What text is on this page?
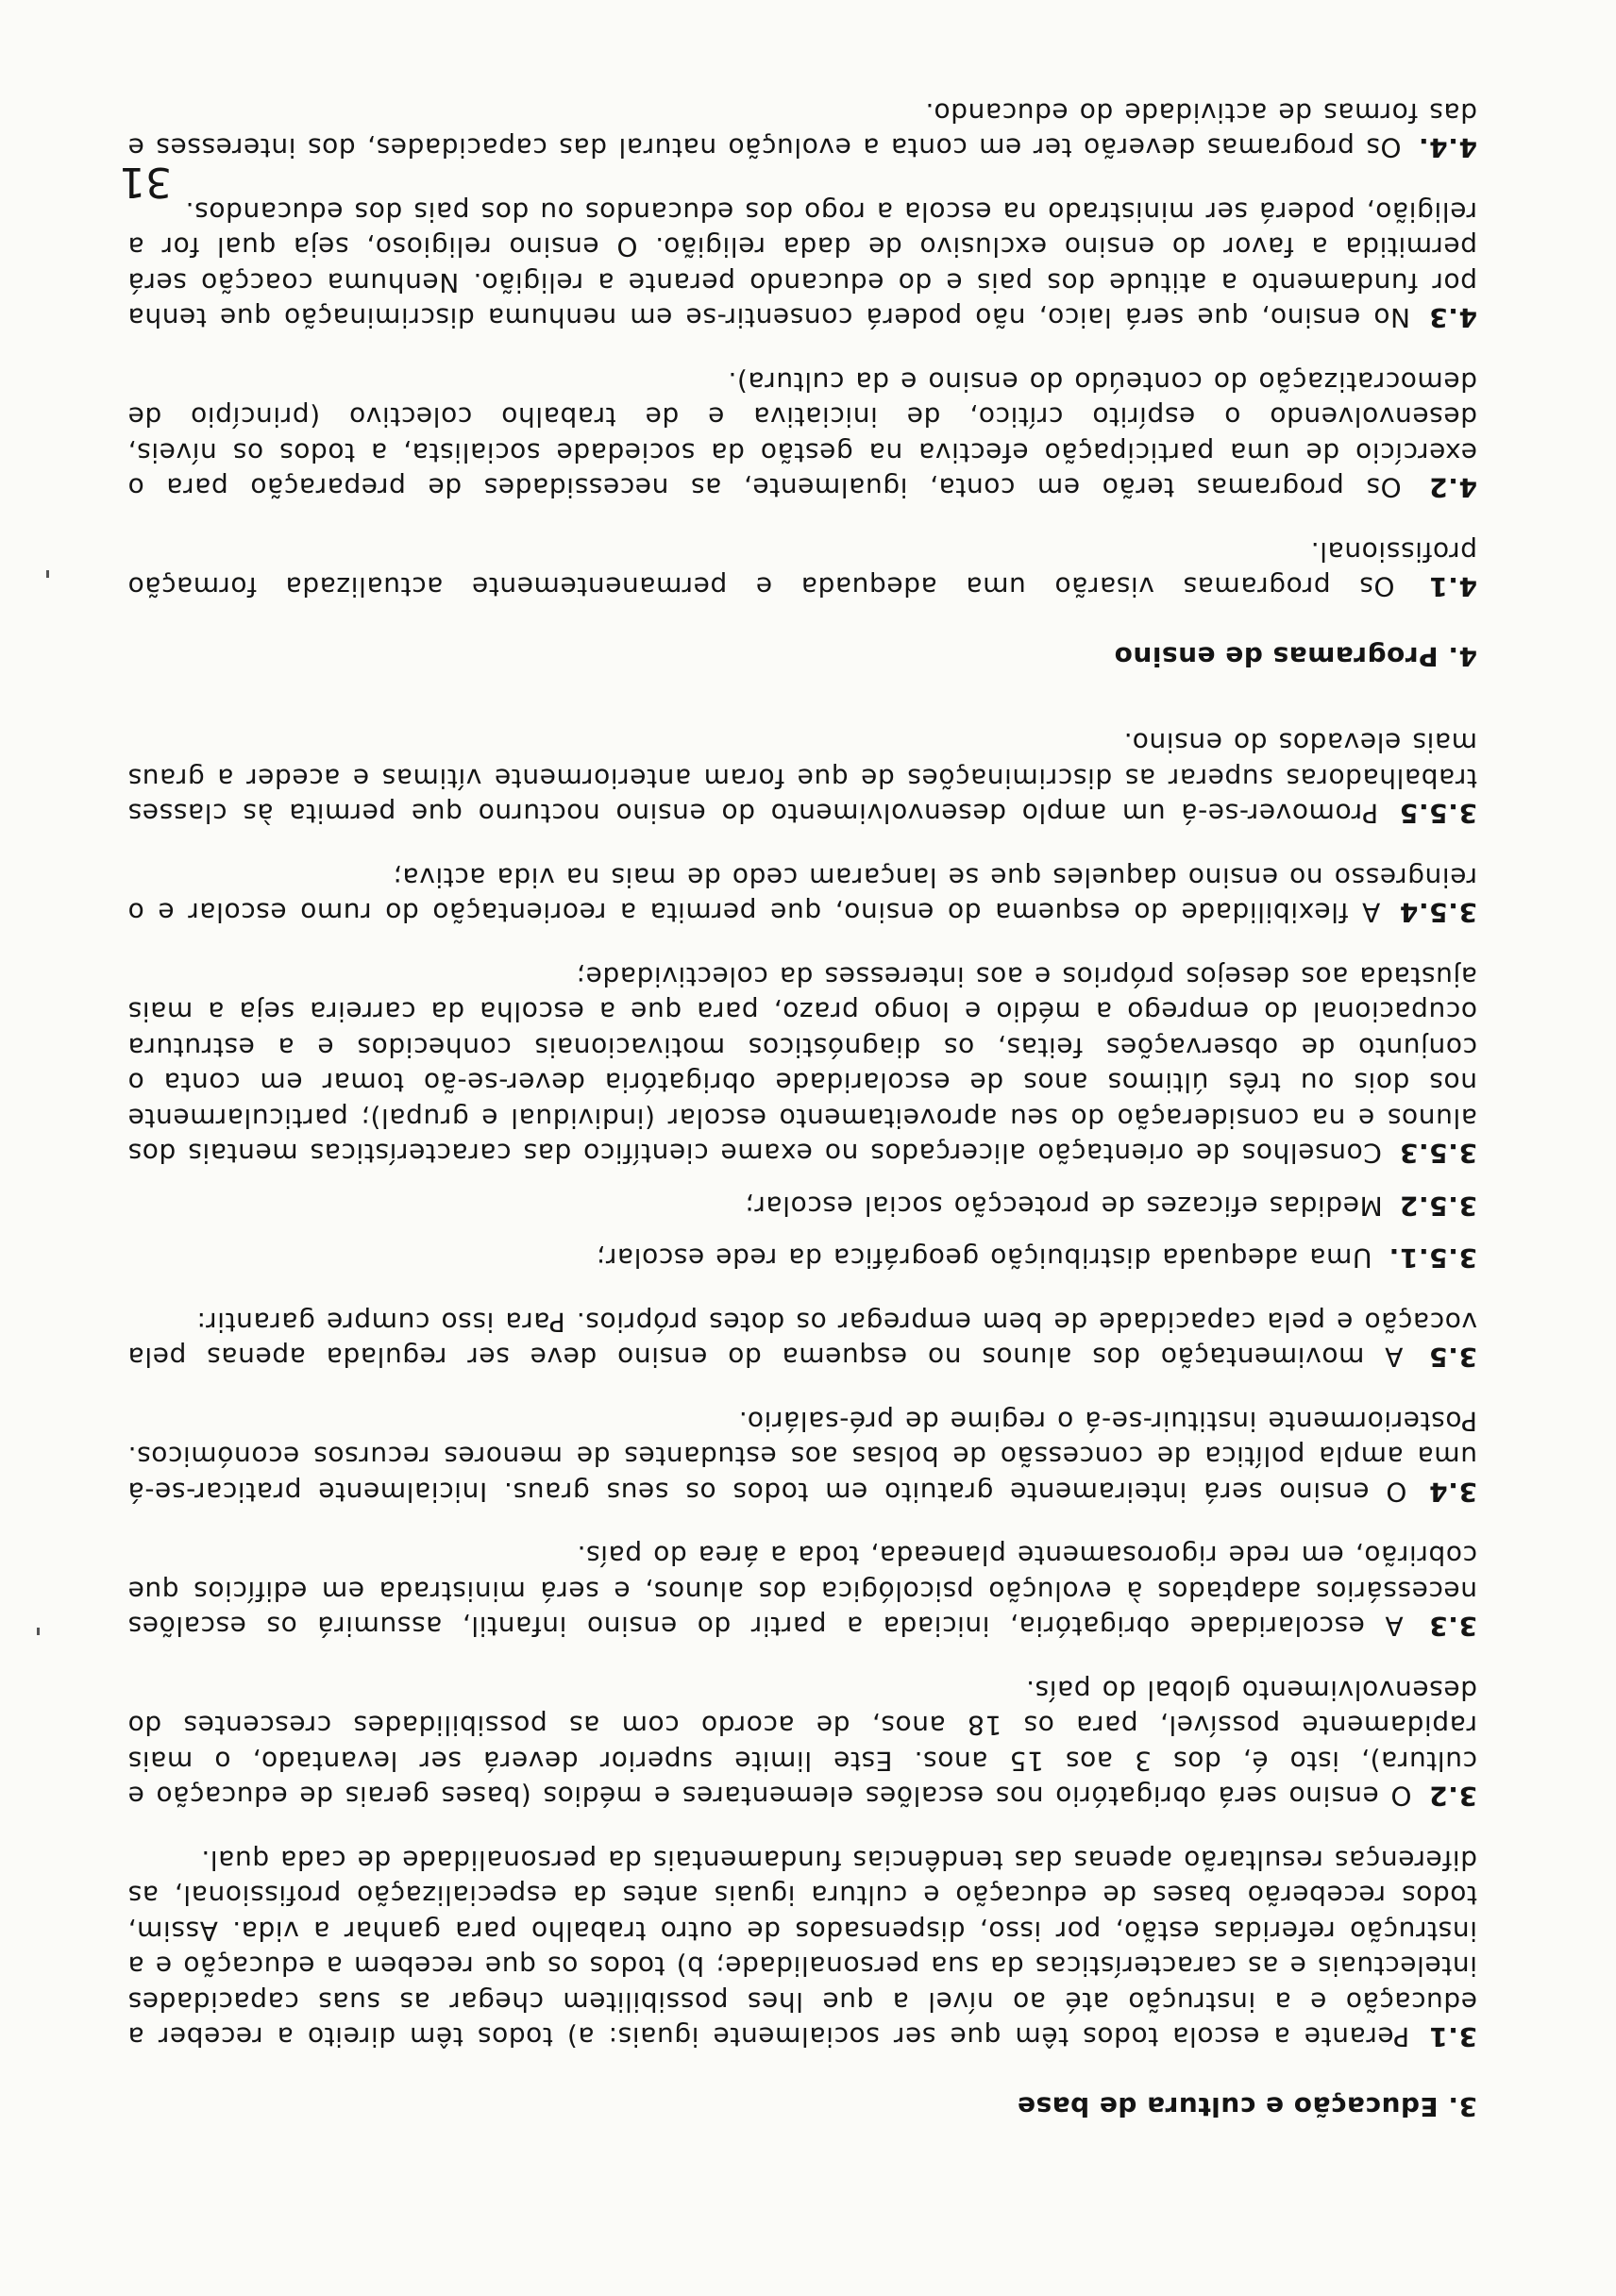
3. Educação e cultura de base
3.1 Perante a escola todos têm que ser socialmente iguais: a) todos têm direito a receber a educação e a instrução até ao nível a que lhes possibilitem chegar as suas capacidades intelectuais e as características da sua personalidade; b) todos os que recebem a educação e a instrução referidas estão, por isso, dispensados de outro trabalho para ganhar a vida. Assim, todos receberão bases de educação e cultura iguais antes da especialização profissional, as diferenças resultarão apenas das tendências fundamentais da personalidade de cada qual.
3.2 O ensino será obrigatório nos escalões elementares e médios (bases gerais de educação e cultura), isto é, dos 3 aos 15 anos. Este limite superior deverá ser levantado, o mais rapidamente possível, para os 18 anos, de acordo com as possibilidades crescentes do desenvolvimento global do país.
3.3 A escolaridade obrigatória, iniciada a partir do ensino infantil, assumirá os escalões necessários adaptados à evolução psicológica dos alunos, e será ministrada em edifícios que cobrirão, em rede rigorosamente planeada, toda a área do país.
3.4 O ensino será inteiramente gratuito em todos os seus graus. Inicialmente praticar-se-á uma ampla política de concessão de bolsas aos estudantes de menores recursos económicos. Posteriormente instituir-se-á o regime de pré-salário.
3.5 A movimentação dos alunos no esquema do ensino deve ser regulada apenas pela vocação e pela capacidade de bem empregar os dotes próprios. Para isso cumpre garantir:
3.5.1. Uma adequada distribuição geográfica da rede escolar;
3.5.2 Medidas eficazes de protecção social escolar;
3.5.3 Conselhos de orientação alicerçados no exame científico das características mentais dos alunos e na consideração do seu aproveitamento escolar (individual e grupal); particularmente nos dois ou três últimos anos de escolaridade obrigatória dever-se-ão tomar em conta o conjunto de observações feitas, os diagnósticos motivacionais conhecidos e a estrutura ocupacional do emprego a médio e longo prazo, para que a escolha da carreira seja a mais ajustada aos desejos próprios e aos interesses da colectividade;
3.5.4 A flexibilidade do esquema do ensino, que permita a reorientação do rumo escolar e o reingresso no ensino daqueles que se lançaram cedo de mais na vida activa;
3.5.5 Promover-se-á um amplo desenvolvimento do ensino nocturno que permita às classes trabalhadoras superar as discriminações de que foram anteriormente vítimas e aceder a graus mais elevados do ensino.
4. Programas de ensino
4.1 Os programas visarão uma adequada e permanentemente actualizada formação profissional.
4.2 Os programas terão em conta, igualmente, as necessidades de preparação para o exercício de uma participação efectiva na gestão da sociedade socialista, a todos os níveis, desenvolvendo o espírito crítico, de iniciativa e de trabalho colectivo (princípio de democratização do conteúdo do ensino e da cultura).
4.3 No ensino, que será laico, não poderá consentir-se em nenhuma discriminação que tenha por fundamento a atitude dos pais e do educando perante a religião. Nenhuma coacção será permitida a favor do ensino exclusivo de dada religião. O ensino religioso, seja qual for a religião, poderá ser ministrado na escola a rogo dos educandos ou dos pais dos educandos.
4.4. Os programas deverão ter em conta a evolução natural das capacidades, dos interesses e das formas de actividade do educando.
31
